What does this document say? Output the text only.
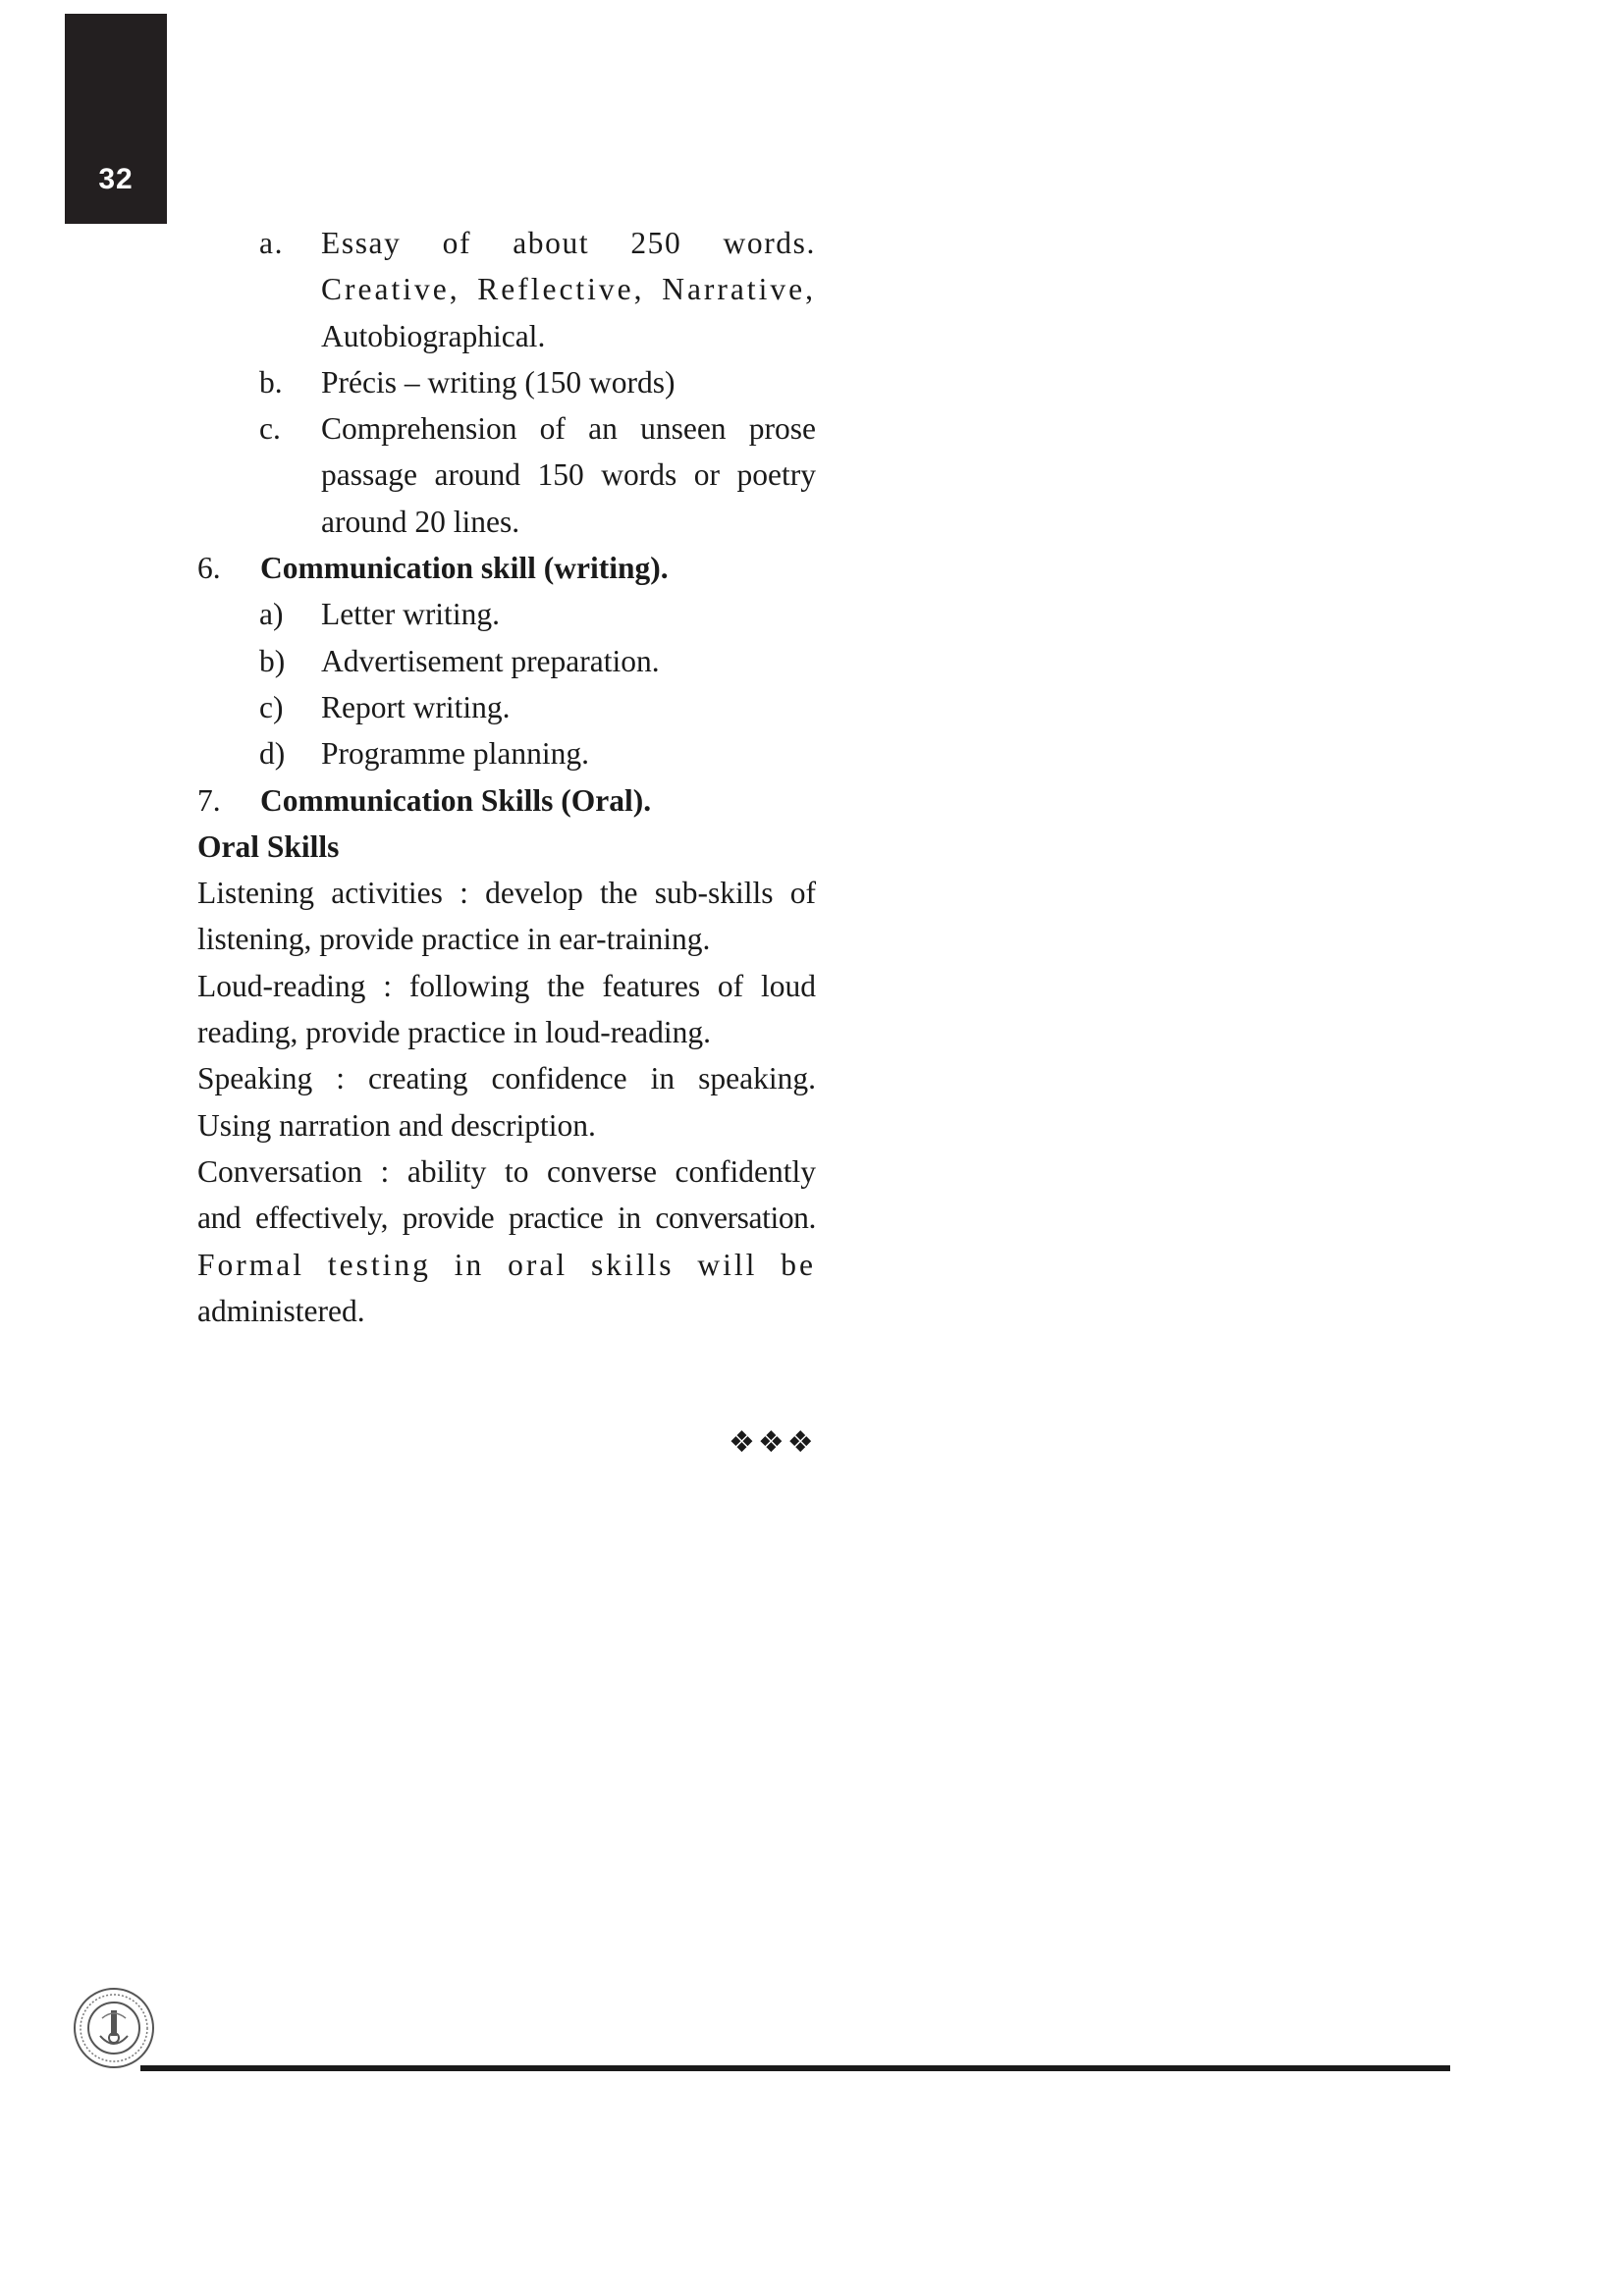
32
a. Essay of about 250 words.
Creative, Reflective, Narrative,
Autobiographical.
b. Précis – writing (150 words)
c.	Comprehension of an unseen prose
passage around 150 words or poetry
around 20 lines.
6. Communication skill (writing).
a) Letter writing.
b) Advertisement preparation.
c) Report writing.
d) Programme planning.
7. Communication Skills (Oral).
Oral Skills
Listening activities : develop the sub-skills of
listening, provide practice in ear-training.
Loud-reading : following the features of loud
reading, provide practice in loud-reading.
Speaking : creating confidence in speaking.
Using narration and description.
Conversation : ability to converse confidently
and effectively, provide practice in conversation.
Formal testing in oral skills will be
administered.
❖❖❖
